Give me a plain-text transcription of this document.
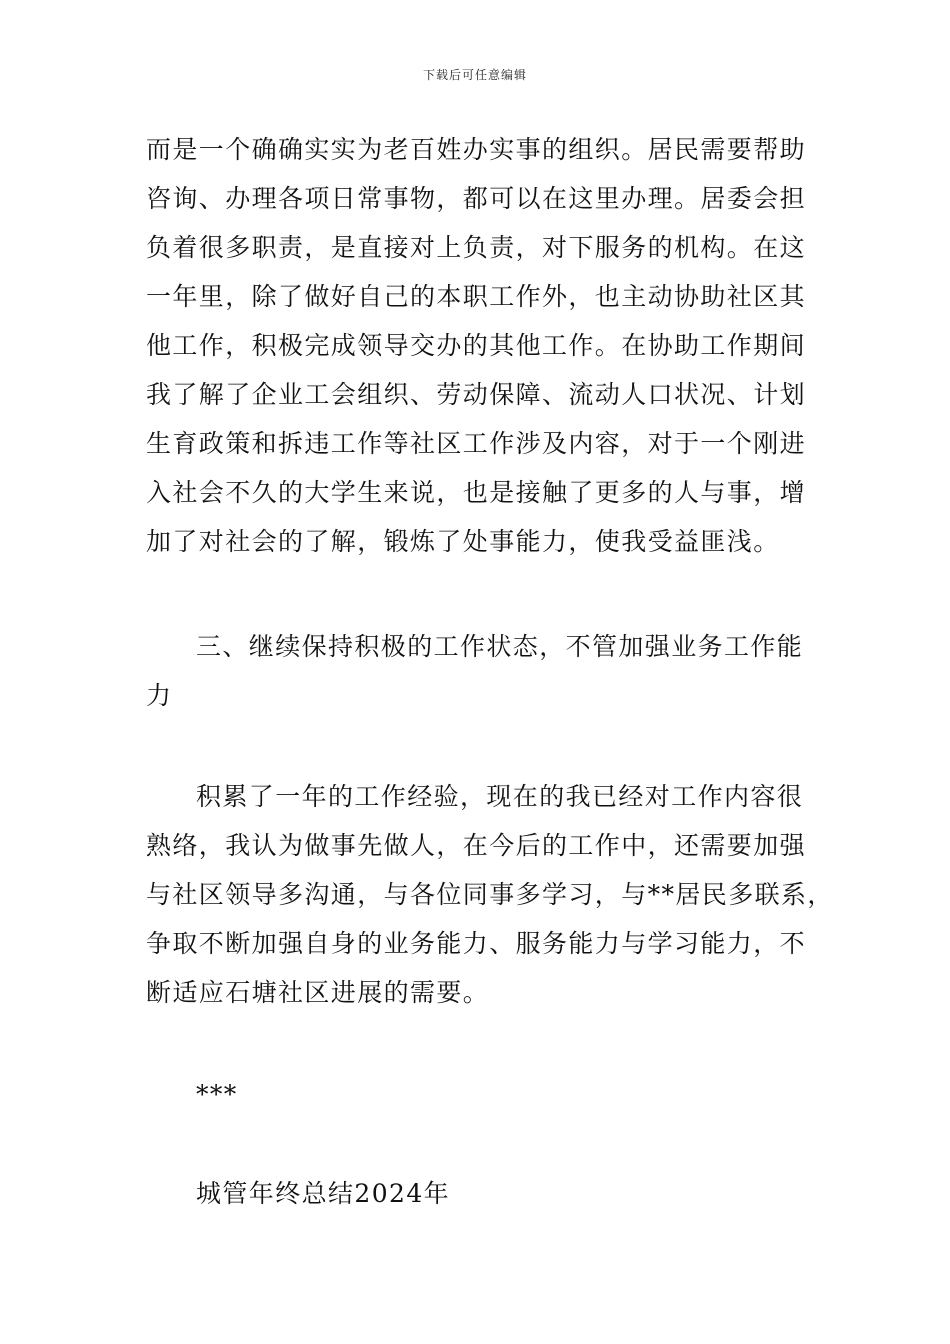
下载后可任意编辑
而是一个确确实实为老百姓办实事的组织。居民需要帮助
咨询、办理各项日常事物，都可以在这里办理。居委会担
负着很多职责，是直接对上负责，对下服务的机构。在这
一年里，除了做好自己的本职工作外，也主动协助社区其
他工作，积极完成领导交办的其他工作。在协助工作期间
我了解了企业工会组织、劳动保障、流动人口状况、计划
生育政策和拆违工作等社区工作涉及内容，对于一个刚进
入社会不久的大学生来说，也是接触了更多的人与事，增
加了对社会的了解，锻炼了处事能力，使我受益匪浅。
三、继续保持积极的工作状态，不管加强业务工作能
力
积累了一年的工作经验，现在的我已经对工作内容很
熟络，我认为做事先做人，在今后的工作中，还需要加强
与社区领导多沟通，与各位同事多学习，与**居民多联系，
争取不断加强自身的业务能力、服务能力与学习能力，不
断适应石塘社区进展的需要。
***
城管年终总结2024年
